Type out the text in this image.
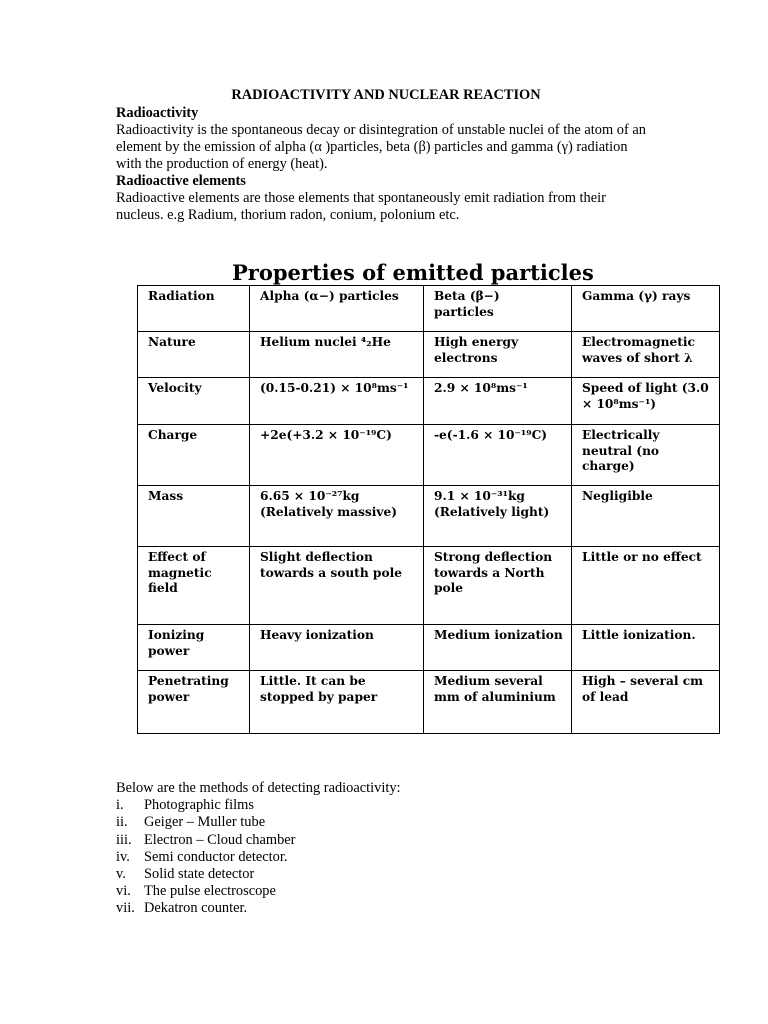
RADIOACTIVITY AND NUCLEAR REACTION

Radioactivity

Radioactivity is the spontaneous decay or disintegration of unstable nuclei of the atom of an element by the emission of alpha (α )particles, beta (β) particles and gamma (γ) radiation with the production of energy (heat).

Radioactive elements

Radioactive elements are those elements that spontaneously emit radiation from their nucleus. e.g Radium, thorium radon, conium, polonium etc.

Properties of emitted particles
Radiation	Alpha (α−) particles	Beta (β−) particles	Gamma (γ) rays
Nature	Helium nuclei ⁴₂He	High energy electrons	Electromagnetic waves of short λ
Velocity	(0.15-0.21) × 10⁸ms⁻¹	2.9 × 10⁸ms⁻¹	Speed of light (3.0 × 10⁸ms⁻¹)
Charge	+2e(+3.2 × 10⁻¹⁹C)	-e(-1.6 × 10⁻¹⁹C)	Electrically neutral (no charge)
Mass	6.65 × 10⁻²⁷kg (Relatively massive)	9.1 × 10⁻³¹kg (Relatively light)	Negligible
Effect of magnetic field	Slight deflection towards a south pole	Strong deflection towards a North pole	Little or no effect
Ionizing power	Heavy ionization	Medium ionization	Little ionization.
Penetrating power	Little. It can be stopped by paper	Medium several mm of aluminium	High – several cm of lead

Below are the methods of detecting radioactivity:

i.	Photographic films
ii.	Geiger – Muller tube
iii. Electron – Cloud chamber
iv. Semi conductor detector.
v.	Solid state detector
vi. The pulse electroscope
vii. Dekatron counter.
